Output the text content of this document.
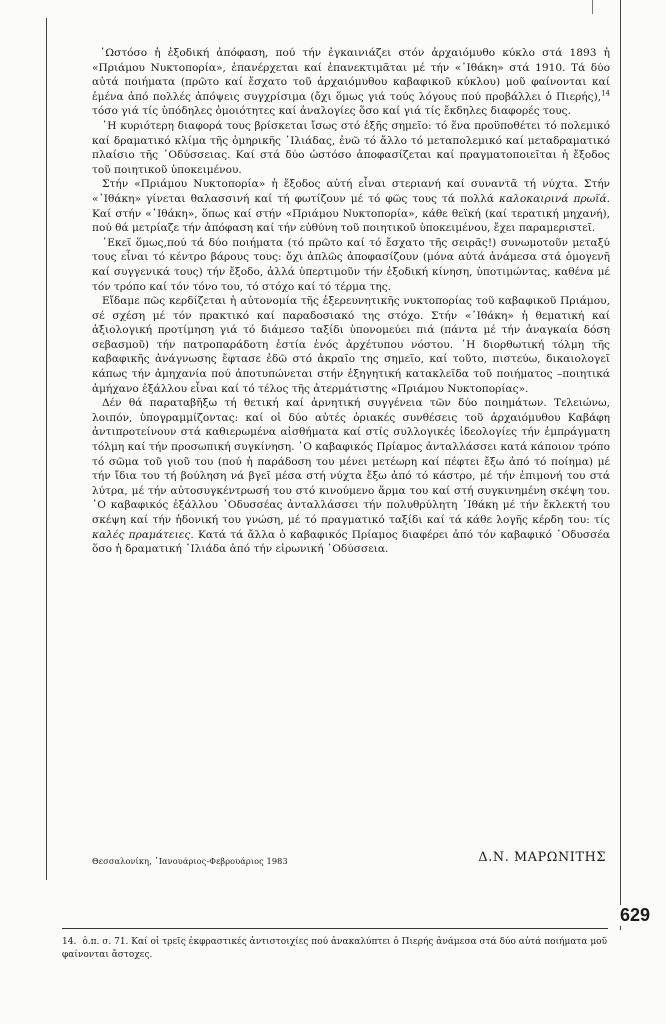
῾Ωστόσο ἡ ἐξοδική ἀπόφαση, πού τήν ἐγκαινιάζει στόν ἀρχαιόμυθο κύκλο στά 1893 ἡ «Πριάμου Νυκτοπορία», ἐπανέρχεται καί ἐπανεκτιμᾶται μέ τήν «᾿Ιθάκη» στά 1910. Τά δύο αὐτά ποιήματα (πρῶτο καί ἔσχατο τοῦ ἀρχαιόμυθου καβαφικοῦ κύκλου) μοῦ φαίνονται καί ἐμένα ἀπό πολλές ἀπόψεις συγχρίσιμα (ὄχι ὅμως γιά τούς λόγους πού προβάλλει ὁ Πιερής),$^{14}$ τόσο γιά τίς ὑπόδηλες ὁμοιότητες καί ἀναλογίες ὅσο καί γιά τίς ἔκδηλες διαφορές τους.

῾Η κυριότερη διαφορά τους βρίσκεται ἴσως στό ἑξῆς σημεῖο: τό ἕνα προϋποθέτει τό πολεμικό καί δραματικό κλίμα τῆς ὁμηρικῆς ᾿Ιλιάδας, ἐνῶ τό ἄλλο τό μεταπολεμικό καί μεταδραματικό πλαίσιο τῆς ᾿Οδύσσειας. Καί στά δύο ὡστόσο ἀποφασίζεται καί πραγματοποιεῖται ἡ ἔξοδος τοῦ ποιητικοῦ ὑποκειμένου.

Στήν «Πριάμου Νυκτοπορία» ἡ ἔξοδος αὐτή εἶναι στεριανή καί συναντᾶ τή νύχτα. Στήν «᾿Ιθάκη» γίνεται θαλασσινή καί τή φωτίζουν μέ τό φῶς τους τά πολλά καλοκαιρινά πρωϊά. Καί στήν «᾿Ιθάκη», ὅπως καί στήν «Πριάμου Νυκτοπορία», κάθε θεϊκή (καί τερατική μηχανή), πού θά μετρίαζε τήν ἀπόφαση καί τήν εὐθύνη τοῦ ποιητικοῦ ὑποκειμένου, ἔχει παραμεριστεῖ.

᾿Εκεῖ ὅμως,πού τά δύο ποιήματα (τό πρῶτο καί τό ἔσχατο τῆς σειρᾶς!) συνωμοτοῦν μεταξύ τους εἶναι τό κέντρο βάρους τους: ὄχι ἁπλῶς ἀποφασίζουν (μόνα αὐτά ἀνάμεσα στά ὁμογενῆ καί συγγενικά τους) τήν ἔξοδο, ἀλλά ὑπερτιμοῦν τήν ἐξοδική κίνηση, ὑποτιμώντας, καθένα μέ τόν τρόπο καί τόν τόνο του, τό στόχο καί τό τέρμα της.

Εἴδαμε πῶς κερδίζεται ἡ αὐτονομία τῆς ἐξερευνητικῆς νυκτοπορίας τοῦ καβαφικοῦ Πριάμου, σέ σχέση μέ τόν πρακτικό καί παραδοσιακό της στόχο. Στήν «᾿Ιθάκη» ἡ θεματική καί ἀξιολογική προτίμηση γιά τό διάμεσο ταξίδι ὑπονομεύει πιά (πάντα μέ τήν ἀναγκαία δόση σεβασμοῦ) τήν πατροπαράδοτη ἑστία ἑνός ἀρχέτυπου νόστου. ῾Η διορθωτική τόλμη τῆς καβαφικῆς ἀνάγνωσης ἔφτασε ἐδῶ στό ἀκραῖο της σημεῖο, καί τοῦτο, πιστεύω, δικαιολογεῖ κάπως τήν ἀμηχανία πού ἀποτυπώνεται στήν ἐξηγητική κατακλεῖδα τοῦ ποιήματος –ποιητικά ἀμήχανο ἐξάλλου εἶναι καί τό τέλος τῆς ἀτερμάτιστης «Πριάμου Νυκτοπορίας».

Δέν θά παραταβῆξω τή θετική καί ἀρνητική συγγένεια τῶν δύο ποιημάτων. Τελειώνω, λοιπόν, ὑπογραμμίζοντας: καί οἱ δύο αὐτές ὁριακές συνθέσεις τοῦ ἀρχαιόμυθου Καβάφη ἀντιπροτείνουν στά καθιερωμένα αἰσθήματα καί στίς συλλογικές ἰδεολογίες τήν ἐμπράγματη τόλμη καί τήν προσωπική συγκίνηση. ῾Ο καβαφικός Πρίαμος ἀνταλλάσσει κατά κάποιον τρόπο τό σῶμα τοῦ γιοῦ του (πού ἡ παράδοση του μένει μετέωρη καί πέφτει ἔξω ἀπό τό ποίημα) μέ τήν ἴδια του τή βούληση νά βγεῖ μέσα στή νύχτα ἔξω ἀπό τό κάστρο, μέ τήν ἐπιμονή του στά λύτρα, μέ τήν αὐτοσυγκέντρωσή του στό κινούμενο ἅρμα του καί στή συγκινημένη σκέψη του. ῾Ο καβαφικός ἐξάλλου ᾿Οδυσσέας ἀνταλλάσσει τήν πολυθρύλητη ᾿Ιθάκη μέ τήν ἔκλεκτή του σκέψη καί τήν ἡδονική του γνώση, μέ τό πραγματικό ταξίδι καί τά κάθε λογῆς κέρδη του: τίς καλές πραμάτειες. Κατά τά ἄλλα ὁ καβαφικός Πρίαμος διαφέρει ἀπό τόν καβαφικό ᾿Οδυσσέα ὅσο ἡ δραματική ᾿Ιλιάδα ἀπό τήν εἰρωνική ᾿Οδύσσεια.

Θεσσαλονίκη, ᾿Ιανουάριος-Φεβρουάριος 1983	Δ.Ν. ΜΑΡΩΝΙΤΗΣ
629
14. ὁ.π. σ. 71. Καί οἱ τρεῖς ἐκφραστικές ἀντιστοιχίες πού ἀνακαλύπτει ὁ Πιερής ἀνάμεσα στά δύο αὐτά ποιήματα μοῦ φαίνονται ἄστοχες.
